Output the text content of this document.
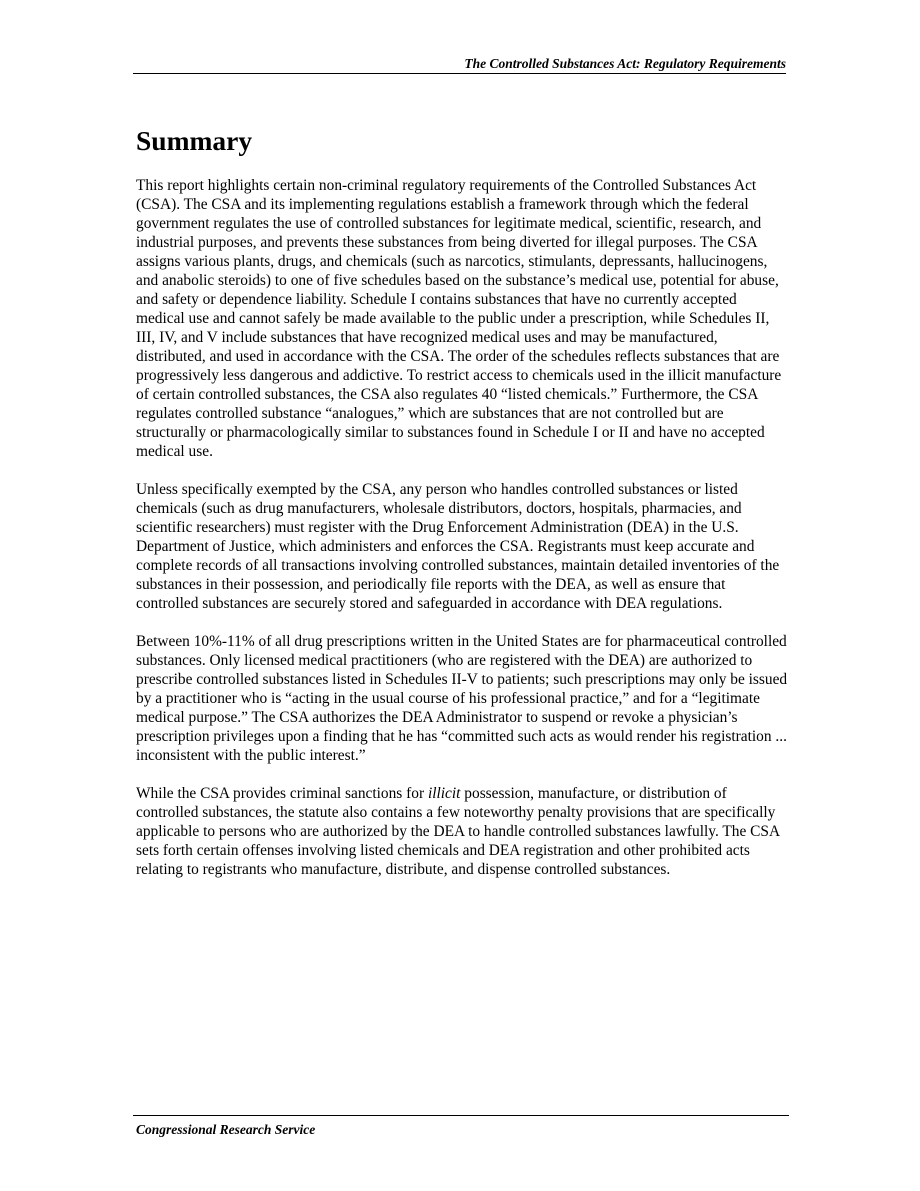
The Controlled Substances Act: Regulatory Requirements
Summary

This report highlights certain non-criminal regulatory requirements of the Controlled Substances Act (CSA). The CSA and its implementing regulations establish a framework through which the federal government regulates the use of controlled substances for legitimate medical, scientific, research, and industrial purposes, and prevents these substances from being diverted for illegal purposes. The CSA assigns various plants, drugs, and chemicals (such as narcotics, stimulants, depressants, hallucinogens, and anabolic steroids) to one of five schedules based on the substance’s medical use, potential for abuse, and safety or dependence liability. Schedule I contains substances that have no currently accepted medical use and cannot safely be made available to the public under a prescription, while Schedules II, III, IV, and V include substances that have recognized medical uses and may be manufactured, distributed, and used in accordance with the CSA. The order of the schedules reflects substances that are progressively less dangerous and addictive. To restrict access to chemicals used in the illicit manufacture of certain controlled substances, the CSA also regulates 40 “listed chemicals.” Furthermore, the CSA regulates controlled substance “analogues,” which are substances that are not controlled but are structurally or pharmacologically similar to substances found in Schedule I or II and have no accepted medical use.

Unless specifically exempted by the CSA, any person who handles controlled substances or listed chemicals (such as drug manufacturers, wholesale distributors, doctors, hospitals, pharmacies, and scientific researchers) must register with the Drug Enforcement Administration (DEA) in the U.S. Department of Justice, which administers and enforces the CSA. Registrants must keep accurate and complete records of all transactions involving controlled substances, maintain detailed inventories of the substances in their possession, and periodically file reports with the DEA, as well as ensure that controlled substances are securely stored and safeguarded in accordance with DEA regulations.

Between 10%-11% of all drug prescriptions written in the United States are for pharmaceutical controlled substances. Only licensed medical practitioners (who are registered with the DEA) are authorized to prescribe controlled substances listed in Schedules II-V to patients; such prescriptions may only be issued by a practitioner who is “acting in the usual course of his professional practice,” and for a “legitimate medical purpose.” The CSA authorizes the DEA Administrator to suspend or revoke a physician’s prescription privileges upon a finding that he has “committed such acts as would render his registration ... inconsistent with the public interest.”

While the CSA provides criminal sanctions for illicit possession, manufacture, or distribution of controlled substances, the statute also contains a few noteworthy penalty provisions that are specifically applicable to persons who are authorized by the DEA to handle controlled substances lawfully. The CSA sets forth certain offenses involving listed chemicals and DEA registration and other prohibited acts relating to registrants who manufacture, distribute, and dispense controlled substances.

Congressional Research Service
